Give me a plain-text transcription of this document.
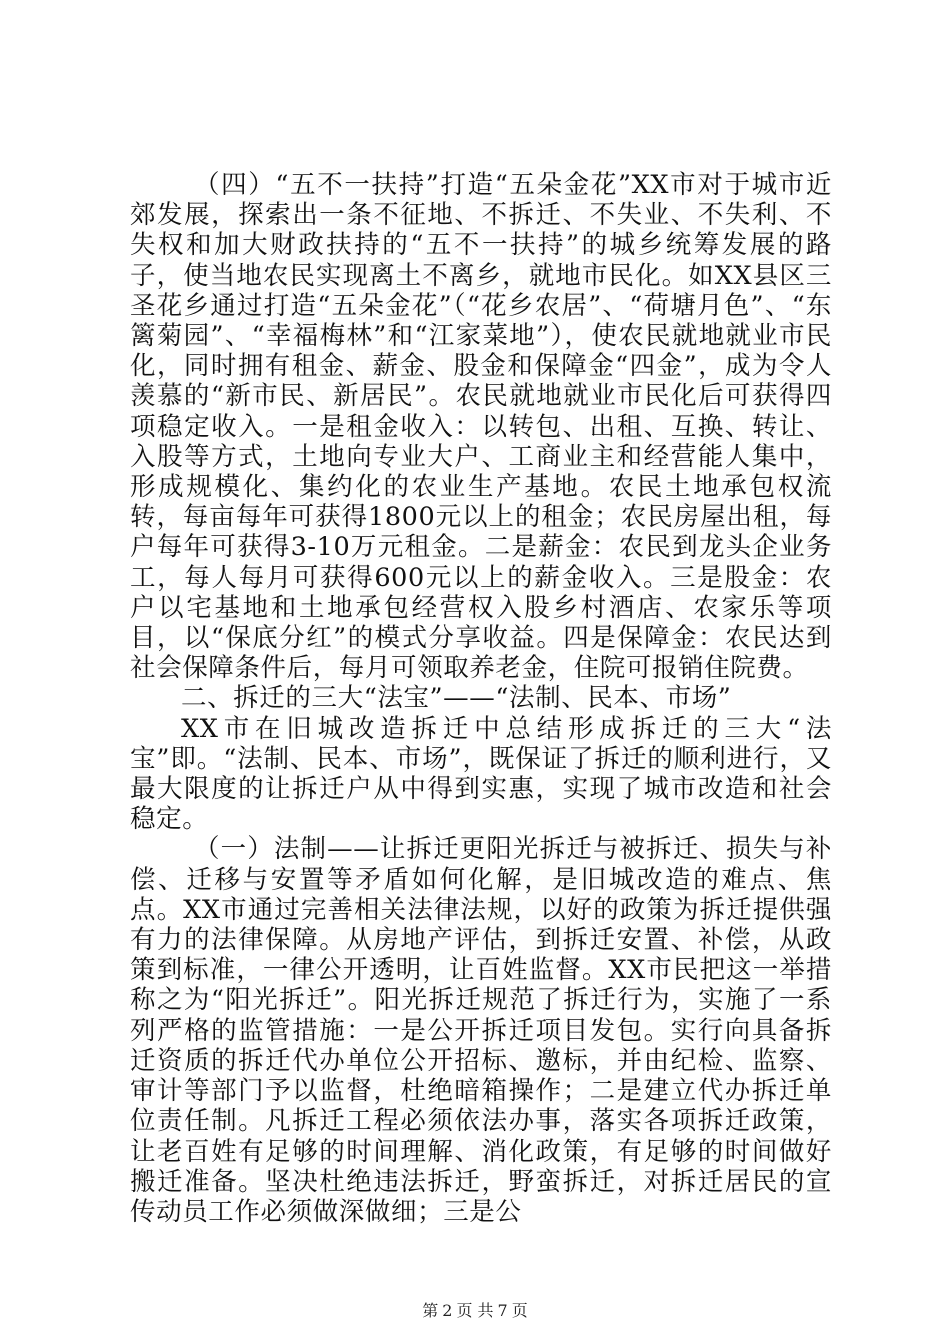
（四）“五不一扶持”打造“五朵金花”XX市对于城市近郊发展，探索出一条不征地、不拆迁、不失业、不失利、不失权和加大财政扶持的“五不一扶持”的城乡统筹发展的路子，使当地农民实现离土不离乡，就地市民化。如XX县区三圣花乡通过打造“五朵金花”（“花乡农居”、“荷塘月色”、“东篱菊园”、“幸福梅林”和“江家菜地”），使农民就地就业市民化，同时拥有租金、薪金、股金和保障金“四金”，成为令人羡慕的“新市民、新居民”。农民就地就业市民化后可获得四项稳定收入。一是租金收入：以转包、出租、互换、转让、入股等方式，土地向专业大户、工商业主和经营能人集中，形成规模化、集约化的农业生产基地。农民土地承包权流转，每亩每年可获得1800元以上的租金；农民房屋出租，每户每年可获得3-10万元租金。二是薪金：农民到龙头企业务工，每人每月可获得600元以上的薪金收入。三是股金：农户以宅基地和土地承包经营权入股乡村酒店、农家乐等项目，以“保底分红”的模式分享收益。四是保障金：农民达到社会保障条件后，每月可领取养老金，住院可报销住院费。

二、拆迁的三大“法宝”——“法制、民本、市场”

XX市在旧城改造拆迁中总结形成拆迁的三大“法宝”即。“法制、民本、市场”，既保证了拆迁的顺利进行，又最大限度的让拆迁户从中得到实惠，实现了城市改造和社会稳定。

（一）法制——让拆迁更阳光拆迁与被拆迁、损失与补偿、迁移与安置等矛盾如何化解，是旧城改造的难点、焦点。XX市通过完善相关法律法规，以好的政策为拆迁提供强有力的法律保障。从房地产评估，到拆迁安置、补偿，从政策到标准，一律公开透明，让百姓监督。XX市民把这一举措称之为“阳光拆迁”。阳光拆迁规范了拆迁行为，实施了一系列严格的监管措施：一是公开拆迁项目发包。实行向具备拆迁资质的拆迁代办单位公开招标、邀标，并由纪检、监察、审计等部门予以监督，杜绝暗箱操作；二是建立代办拆迁单位责任制。凡拆迁工程必须依法办事，落实各项拆迁政策，让老百姓有足够的时间理解、消化政策，有足够的时间做好搬迁准备。坚决杜绝违法拆迁，野蛮拆迁，对拆迁居民的宣传动员工作必须做深做细；三是公

第 2 页 共 7 页
